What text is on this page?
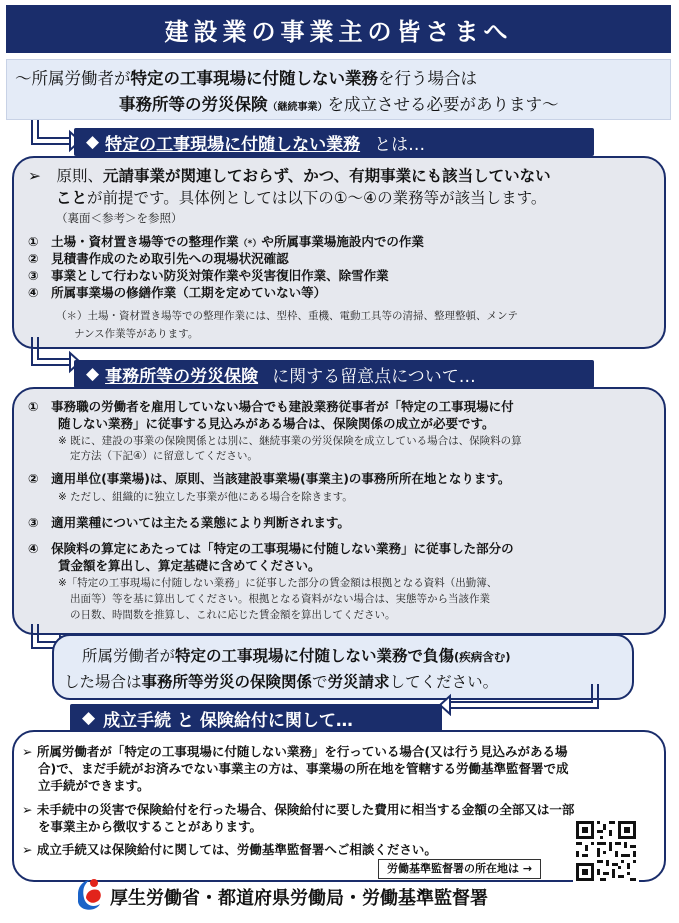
建設業の事業主の皆さまへ
〜所属労働者が特定の工事現場に付随しない業務を行う場合は
事務所等の労災保険（継続事業）を成立させる必要があります〜
◆ 特定の工事現場に付随しない業務 とは…
➢　 原則、元請事業が関連しておらず、かつ、有期事業にも該当していない
ことが前提です。具体例としては以下の①〜④の業務等が該当します。
（裏面＜参考＞を参照）
①　 土場・資材置き場等での整理作業（*）や所属事業場施設内での作業
②　 見積書作成のため取引先への現場状況確認
③　 事業として行わない防災対策作業や災害復旧作業、除雪作業
④　 所属事業場の修繕作業（工期を定めていない等）
（＊）土場・資材置き場等での整理作業には、型枠、重機、電動工具等の清掃、整理整頓、メンテ
ナンス作業等があります。
◆ 事務所等の労災保険 に関する留意点について…
①　事務職の労働者を雇用していない場合でも建設業務従事者が「特定の工事現場に付
随しない業務」に従事する見込みがある場合は、保険関係の成立が必要です。
※ 既に、建設の事業の保険関係とは別に、継続事業の労災保険を成立している場合は、保険料の算
定方法（下記④）に留意してください。
②　適用単位(事業場)は、原則、当該建設事業場(事業主)の事務所所在地となります。
※ ただし、組織的に独立した事業が他にある場合を除きます。
③　適用業種については主たる業態により判断されます。
④　保険料の算定にあたっては「特定の工事現場に付随しない業務」に従事した部分の
賃金額を算出し、算定基礎に含めてください。
※「特定の工事現場に付随しない業務」に従事した部分の賃金額は根拠となる資料（出勤簿、
出面等）等を基に算出してください。根拠となる資料がない場合は、実態等から当該作業
の日数、時間数を推算し、これに応じた賃金額を算出してください。
所属労働者が特定の工事現場に付随しない業務で負傷(疾病含む)
した場合は事務所等労災の保険関係で労災請求してください。
◆ 成立手続 と 保険給付に関して…
➢ 所属労働者が「特定の工事現場に付随しない業務」を行っている場合(又は行う見込みがある場
合)で、まだ手続がお済みでない事業主の方は、事業場の所在地を管轄する労働基準監督署で成
立手続ができます。
➢ 未手続中の災害で保険給付を行った場合、保険給付に要した費用に相当する金額の全部又は一部
を事業主から徴収することがあります。
➢ 成立手続又は保険給付に関しては、労働基準監督署へご相談ください。
労働基準監督署の所在地は →
厚生労働省・都道府県労働局・労働基準監督署
